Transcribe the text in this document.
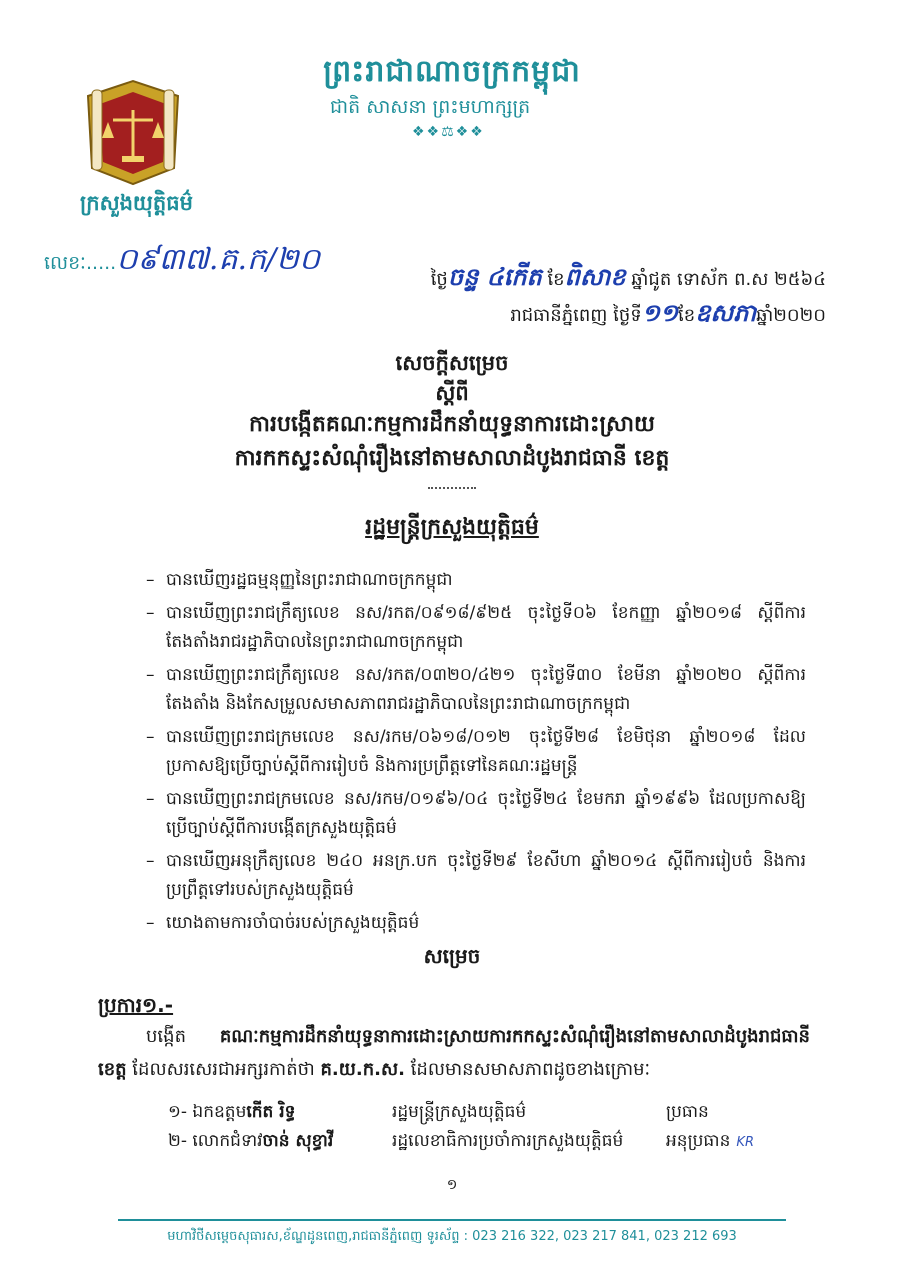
ព្រះរាជាណាចក្រកម្ពុជា
ជាតិ សាសនា ព្រះមហាក្សត្រ
❖❖⚖❖❖
ក្រសួងយុត្តិធម៌
លេខៈ.....០៩៣៧.គ.ក/២០
ថ្ងៃចន្ទ ៤កើត ខែពិសាខ ឆ្នាំជូត ទោស័ក ព.ស ២៥៦៤
រាជធានីភ្នំពេញ ថ្ងៃទី១១ខែឧសភាឆ្នាំ២០២០
សេចក្ដីសម្រេច
ស្ដីពី
ការបង្កើតគណៈកម្មការដឹកនាំយុទ្ធនាការដោះស្រាយ
ការកកស្ទះសំណុំរឿងនៅតាមសាលាដំបូងរាជធានី ខេត្ត
រដ្ឋមន្ត្រីក្រសួងយុត្តិធម៌
– បានឃើញរដ្ឋធម្មនុញ្ញនៃព្រះរាជាណាចក្រកម្ពុជា
– បានឃើញព្រះរាជក្រឹត្យលេខ នស/រកត/០៩១៨/៩២៥ ចុះថ្ងៃទី០៦ ខែកញ្ញា ឆ្នាំ២០១៨ ស្ដីពីការតែងតាំងរាជរដ្ឋាភិបាលនៃព្រះរាជាណាចក្រកម្ពុជា
– បានឃើញព្រះរាជក្រឹត្យលេខ នស/រកត/០៣២០/៤២១ ចុះថ្ងៃទី៣០ ខែមីនា ឆ្នាំ២០២០ ស្ដីពីការតែងតាំង និងកែសម្រួលសមាសភាពរាជរដ្ឋាភិបាលនៃព្រះរាជាណាចក្រកម្ពុជា
– បានឃើញព្រះរាជក្រមលេខ នស/រកម/០៦១៨/០១២ ចុះថ្ងៃទី២៨ ខែមិថុនា ឆ្នាំ២០១៨ ដែលប្រកាសឱ្យប្រើច្បាប់ស្ដីពីការរៀបចំ និងការប្រព្រឹត្តទៅនៃគណៈរដ្ឋមន្ត្រី
– បានឃើញព្រះរាជក្រមលេខ នស/រកម/០១៩៦/០៤ ចុះថ្ងៃទី២៤ ខែមករា ឆ្នាំ១៩៩៦ ដែលប្រកាសឱ្យប្រើច្បាប់ស្ដីពីការបង្កើតក្រសួងយុត្តិធម៌
– បានឃើញអនុក្រឹត្យលេខ ២៤០ អនក្រ.បក ចុះថ្ងៃទី២៩ ខែសីហា ឆ្នាំ២០១៤ ស្ដីពីការរៀបចំ និងការប្រព្រឹត្តទៅរបស់ក្រសួងយុត្តិធម៌
– យោងតាមការចាំបាច់របស់ក្រសួងយុត្តិធម៌
សម្រេច
ប្រការ១.-
បង្កើត គណៈកម្មការដឹកនាំយុទ្ធនាការដោះស្រាយការកកស្ទះសំណុំរឿងនៅតាមសាលាដំបូងរាជធានី ខេត្ត ដែលសរសេរជាអក្សរកាត់ថា គ.យ.ក.ស. ដែលមានសមាសភាពដូចខាងក្រោមៈ
១- ឯកឧត្ដមកើត រិទ្ធ	រដ្ឋមន្ត្រីក្រសួងយុត្តិធម៌	ប្រធាន
២- លោកជំទាវចាន់ សុខ្ធាវី	រដ្ឋលេខាធិការប្រចាំការក្រសួងយុត្តិធម៌	អនុប្រធាន KR
១
មហាវិថីសម្ដេចសុធារស,ខ័ណ្ឌដូនពេញ,រាជធានីភ្នំពេញ ទូរស័ព្ទ : 023 216 322, 023 217 841, 023 212 693
